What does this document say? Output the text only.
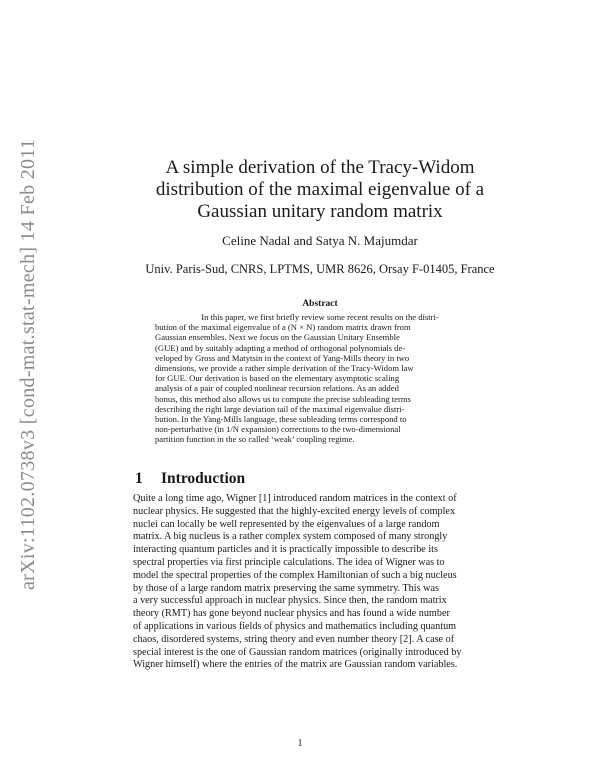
arXiv:1102.0738v3 [cond-mat.stat-mech] 14 Feb 2011	A simple derivation of the Tracy-Widom
distribution of the maximal eigenvalue of a
Gaussian unitary random matrix
Celine Nadal and Satya N. Majumdar
Univ. Paris-Sud, CNRS, LPTMS, UMR 8626, Orsay F-01405, France
Abstract
In this paper, we first briefly review some recent results on the distri-
bution of the maximal eigenvalue of a (N × N) random matrix drawn from
Gaussian ensembles. Next we focus on the Gaussian Unitary Ensemble
(GUE) and by suitably adapting a method of orthogonal polynomials de-
veloped by Gross and Matytsin in the context of Yang-Mills theory in two
dimensions, we provide a rather simple derivation of the Tracy-Widom law
for GUE. Our derivation is based on the elementary asymptotic scaling
analysis of a pair of coupled nonlinear recursion relations. As an added
bonus, this method also allows us to compute the precise subleading terms
describing the right large deviation tail of the maximal eigenvalue distri-
bution. In the Yang-Mills language, these subleading terms correspond to
non-perturbative (in 1/N expansion) corrections to the two-dimensional
partition function in the so called ‘weak’ coupling regime.
1 Introduction
Quite a long time ago, Wigner [1] introduced random matrices in the context of
nuclear physics. He suggested that the highly-excited energy levels of complex
nuclei can locally be well represented by the eigenvalues of a large random
matrix. A big nucleus is a rather complex system composed of many strongly
interacting quantum particles and it is practically impossible to describe its
spectral properties via first principle calculations. The idea of Wigner was to
model the spectral properties of the complex Hamiltonian of such a big nucleus
by those of a large random matrix preserving the same symmetry. This was
a very successful approach in nuclear physics. Since then, the random matrix
theory (RMT) has gone beyond nuclear physics and has found a wide number
of applications in various fields of physics and mathematics including quantum
chaos, disordered systems, string theory and even number theory [2]. A case of
special interest is the one of Gaussian random matrices (originally introduced by
Wigner himself) where the entries of the matrix are Gaussian random variables.
1
